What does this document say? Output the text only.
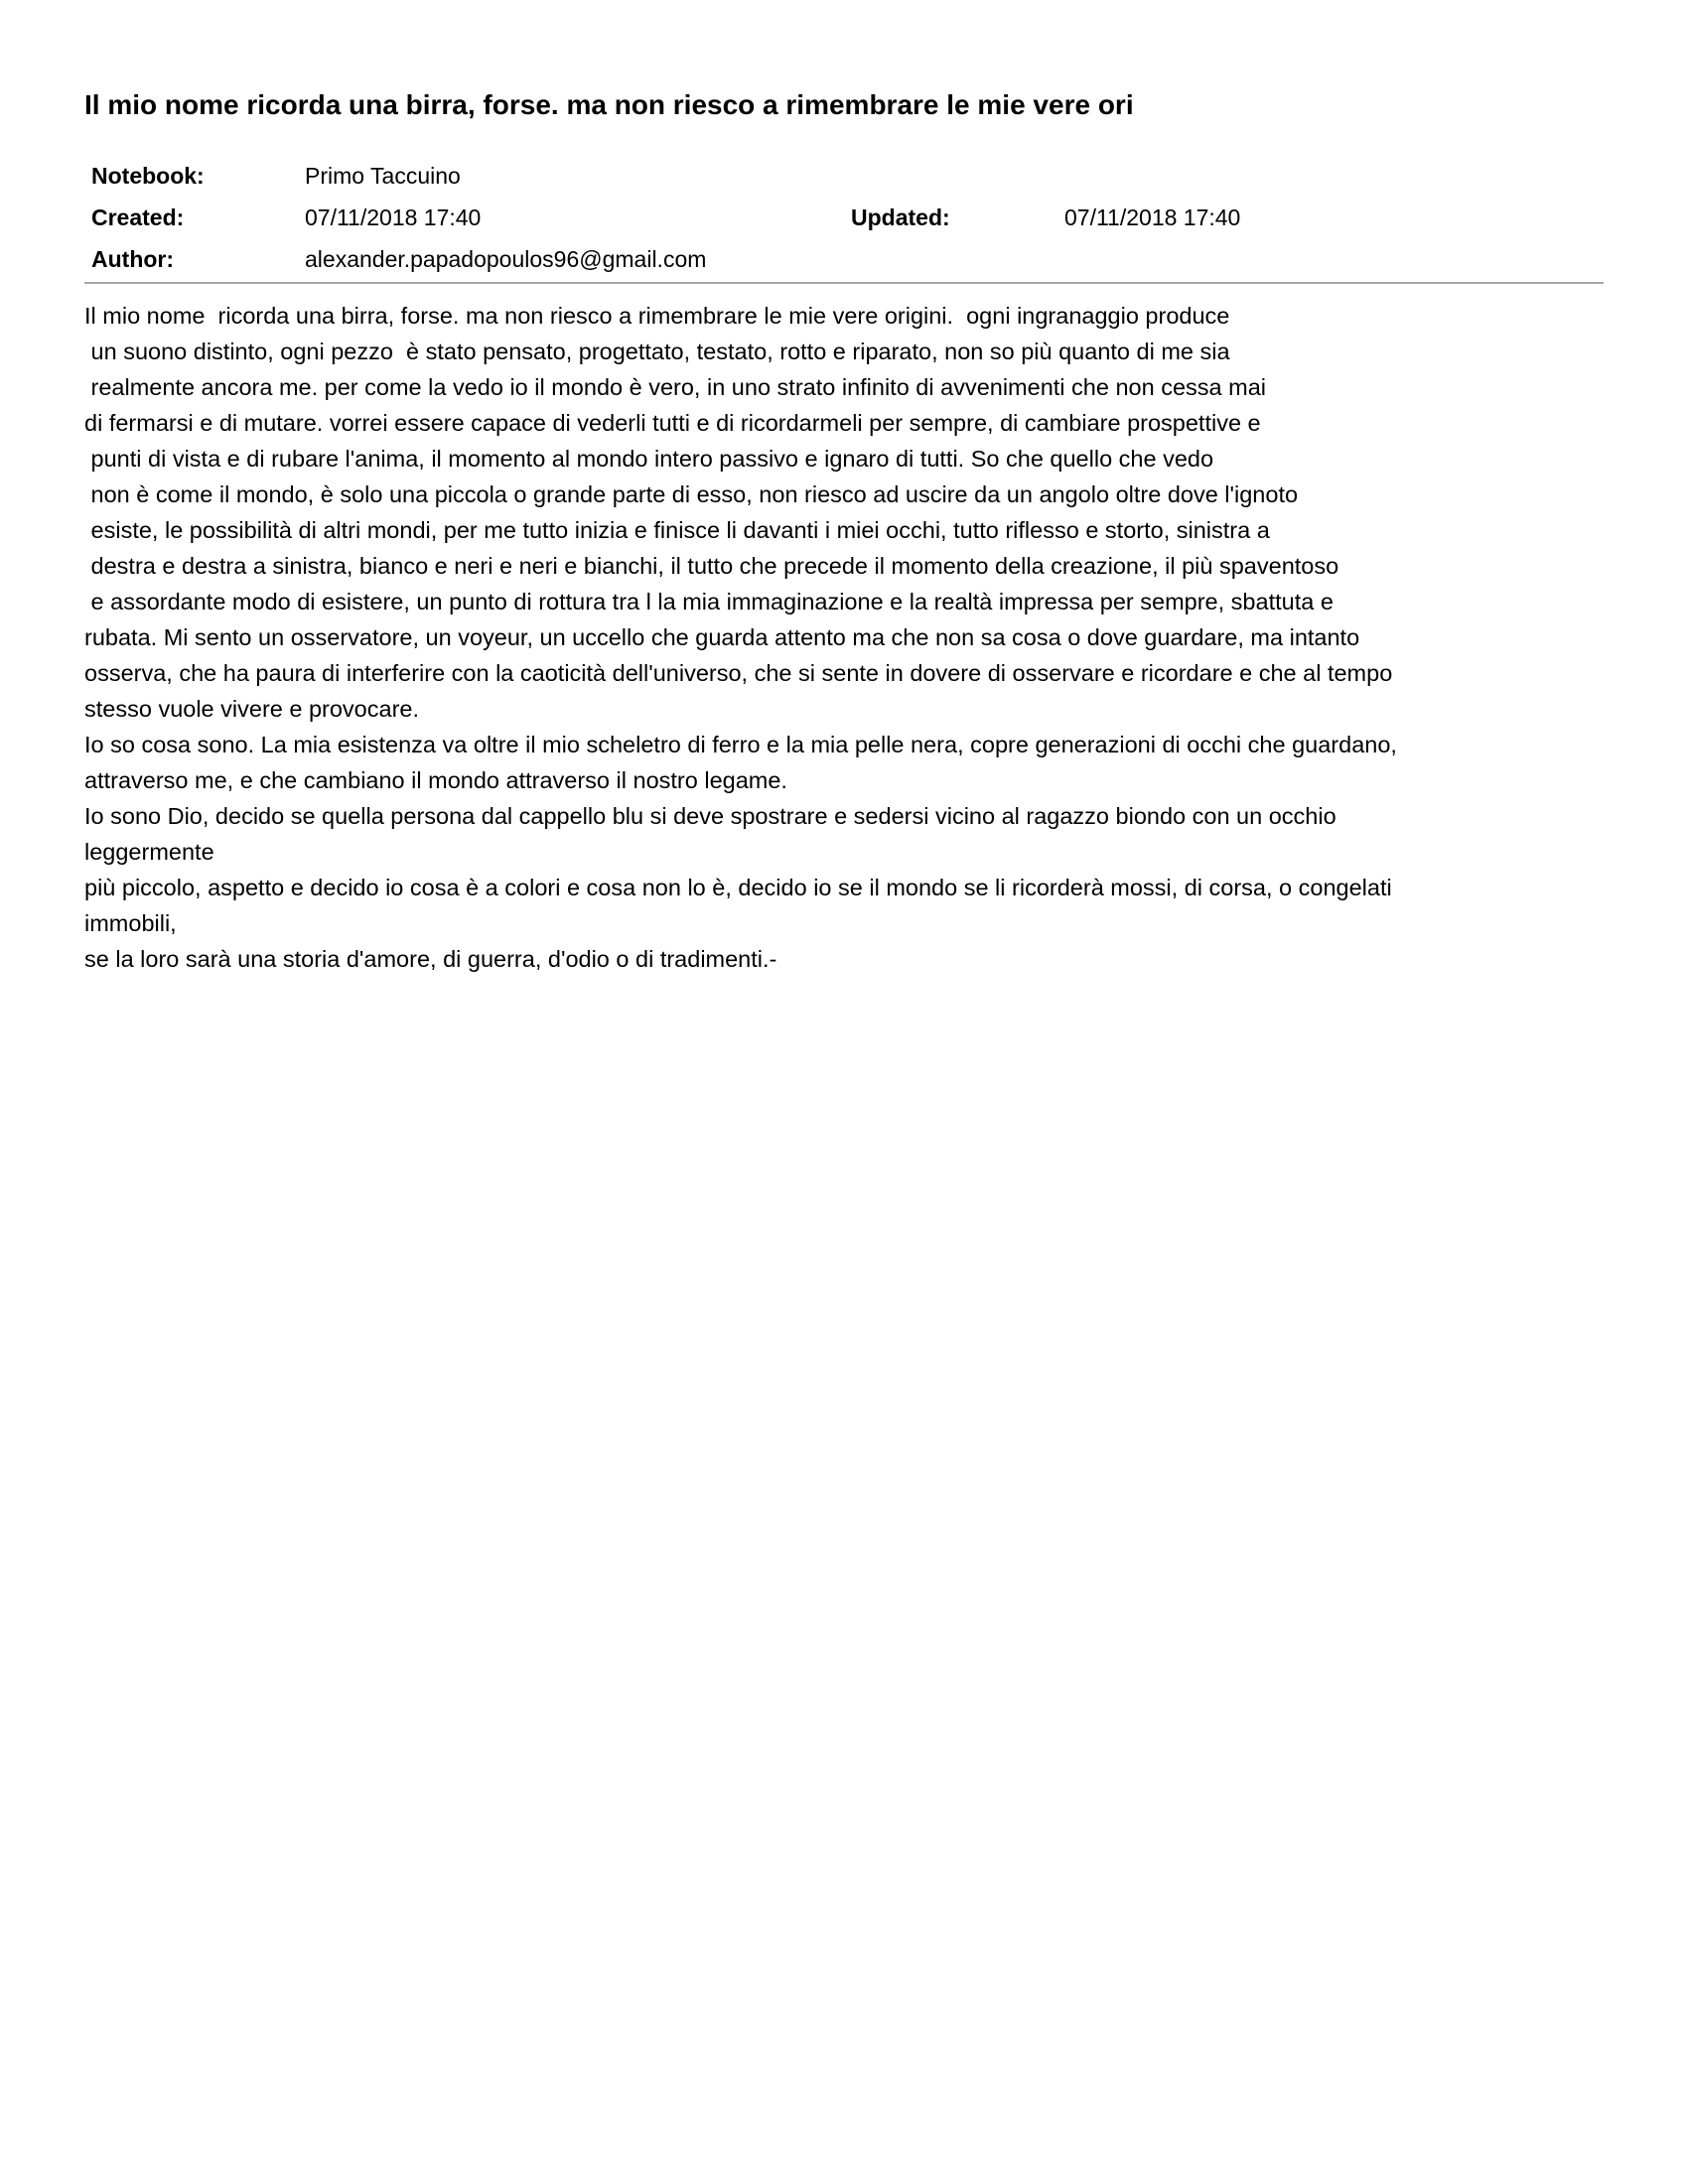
Il mio nome ricorda una birra, forse. ma non riesco a rimembrare le mie vere ori
Notebook:	Primo Taccuino
Created:	07/11/2018 17:40	Updated:	07/11/2018 17:40
Author:	alexander.papadopoulos96@gmail.com
Il mio nome  ricorda una birra, forse. ma non riesco a rimembrare le mie vere origini.  ogni ingranaggio produce
un suono distinto, ogni pezzo  è stato pensato, progettato, testato, rotto e riparato, non so più quanto di me sia
realmente ancora me. per come la vedo io il mondo è vero, in uno strato infinito di avvenimenti che non cessa mai
di fermarsi e di mutare. vorrei essere capace di vederli tutti e di ricordarmeli per sempre, di cambiare prospettive e
punti di vista e di rubare l'anima, il momento al mondo intero passivo e ignaro di tutti. So che quello che vedo
non è come il mondo, è solo una piccola o grande parte di esso, non riesco ad uscire da un angolo oltre dove l'ignoto
esiste, le possibilità di altri mondi, per me tutto inizia e finisce li davanti i miei occhi, tutto riflesso e storto, sinistra a
destra e destra a sinistra, bianco e neri e neri e bianchi, il tutto che precede il momento della creazione, il più spaventoso
e assordante modo di esistere, un punto di rottura tra l la mia immaginazione e la realtà impressa per sempre, sbattuta e
rubata. Mi sento un osservatore, un voyeur, un uccello che guarda attento ma che non sa cosa o dove guardare, ma intanto
osserva, che ha paura di interferire con la caoticità dell'universo, che si sente in dovere di osservare e ricordare e che al tempo
stesso vuole vivere e provocare.
Io so cosa sono. La mia esistenza va oltre il mio scheletro di ferro e la mia pelle nera, copre generazioni di occhi che guardano,
attraverso me, e che cambiano il mondo attraverso il nostro legame.
Io sono Dio, decido se quella persona dal cappello blu si deve spostrare e sedersi vicino al ragazzo biondo con un occhio
leggermente
più piccolo, aspetto e decido io cosa è a colori e cosa non lo è, decido io se il mondo se li ricorderà mossi, di corsa, o congelati
immobili,
se la loro sarà una storia d'amore, di guerra, d'odio o di tradimenti.-
